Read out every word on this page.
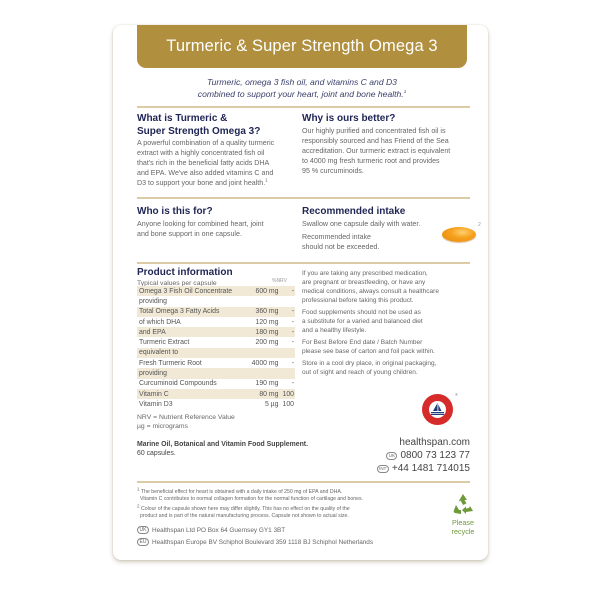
Turmeric & Super Strength Omega 3
Turmeric, omega 3 fish oil, and vitamins C and D3
combined to support your heart, joint and bone health.$^1$
What is Turmeric &
Super Strength Omega 3?
A powerful combination of a quality turmeric
extract with a highly concentrated fish oil
that's rich in the beneficial fatty acids DHA
and EPA. We've also added vitamins C and
D3 to support your bone and joint health.$^1$
Why is ours better?
Our highly purified and concentrated fish oil is
responsibly sourced and has Friend of the Sea
accreditation. Our turmeric extract is equivalent
to 4000 mg fresh turmeric root and provides
95 % curcuminoids.
Who is this for?
Anyone looking for combined heart, joint
and bone support in one capsule.
Recommended intake
Swallow one capsule daily with water.
Recommended intake
should not be exceeded.
2
Product information
Typical values per capsule	%NRV
Omega 3 Fish Oil Concentrate	600 mg	-
providing		
Total Omega 3 Fatty Acids	360 mg	-
of which DHA	120 mg	-
and EPA	180 mg	-
Turmeric Extract	200 mg	-
equivalent to		
Fresh Turmeric Root	4000 mg	-
providing		
Curcuminoid Compounds	190 mg	-
Vitamin C	80 mg	100
Vitamin D3	5 µg	100
NRV = Nutrient Reference Value
µg = micrograms
Marine Oil, Botanical and Vitamin Food Supplement.
60 capsules.
If you are taking any prescribed medication,
are pregnant or breastfeeding, or have any
medical conditions, always consult a healthcare
professional before taking this product.
Food supplements should not be used as
a substitute for a varied and balanced diet
and a healthy lifestyle.
For Best Before End date / Batch Number
please see base of carton and foil pack within.
Store in a cool dry place, in original packaging,
out of sight and reach of young children.
®
healthspan.com
UK 0800 73 123 77
INT +44 1481 714015
$^1$ The beneficial effect for heart is obtained with a daily intake of 250 mg of EPA and DHA.
Vitamin C contributes to normal collagen formation for the normal function of cartilage and bones.
$^2$ Colour of the capsule shown here may differ slightly. This has no effect on the quality of the
product and is part of the natural manufacturing process. Capsule not shown to actual size.
UK Healthspan Ltd PO Box 64 Guernsey GY1 3BT
EU Healthspan Europe BV Schiphol Boulevard 359 1118 BJ Schiphol Netherlands
Please
recycle
